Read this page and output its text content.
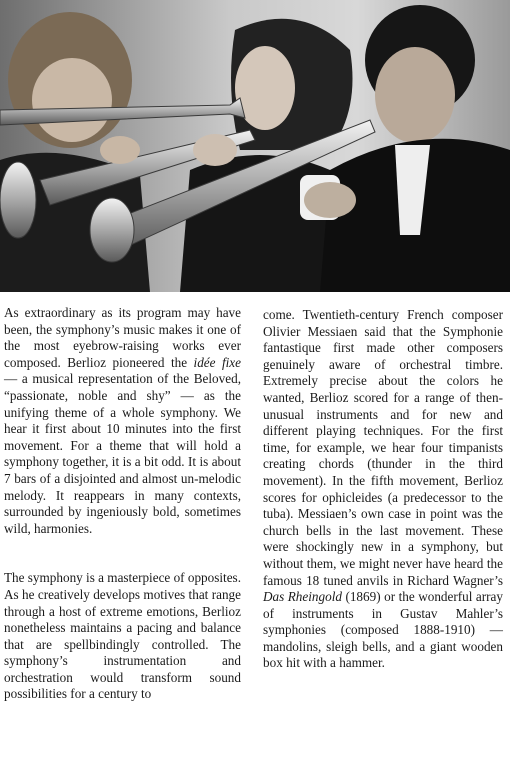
As extraordinary as its program may have been, the symphony’s music makes it one of the most eyebrow-raising works ever composed. Berlioz pioneered the idée fixe — a musical representation of the Beloved, “passionate, noble and shy” — as the unifying theme of a whole symphony. We hear it first about 10 minutes into the first movement. For a theme that will hold a symphony together, it is a bit odd. It is about 7 bars of a disjointed and almost un-melodic melody. It reappears in many contexts, surrounded by ingeniously bold, sometimes wild, harmonies.

The symphony is a masterpiece of opposites. As he creatively develops motives that range through a host of extreme emotions, Berlioz nonetheless maintains a pacing and balance that are spellbindingly controlled. The symphony’s instrumentation and orchestration would transform sound possibilities for a century to

come. Twentieth-century French composer Olivier Messiaen said that the Symphonie fantastique first made other composers genuinely aware of orchestral timbre. Extremely precise about the colors he wanted, Berlioz scored for a range of then-unusual instruments and for new and different playing techniques. For the first time, for example, we hear four timpanists creating chords (thunder in the third movement). In the fifth movement, Berlioz scores for ophicleides (a predecessor to the tuba). Messiaen’s own case in point was the church bells in the last movement. These were shockingly new in a symphony, but without them, we might never have heard the famous 18 tuned anvils in Richard Wagner’s Das Rheingold (1869) or the wonderful array of instruments in Gustav Mahler’s symphonies (composed 1888-1910) — mandolins, sleigh bells, and a giant wooden box hit with a hammer.
